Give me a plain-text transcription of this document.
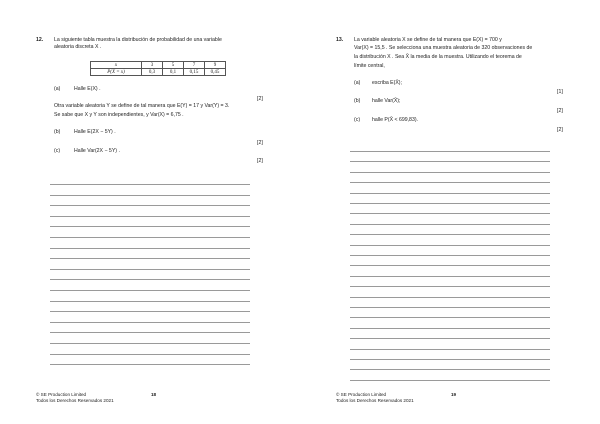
12. La siguiente tabla muestra la distribución de probabilidad de una variable
aleatoria discreta X .
x	3	5	7	9
P(X = x)	0,3	0,1	0,15	0,45
(a)	Halle E(X) .
[2]
Otra variable aleatoria Y se define de tal manera que E(Y) = 17 y Var(Y) = 3.
Se sabe que X y Y son independientes, y Var(X) = 6,75 .
(b)	Halle E(2X − 5Y) .
[2]
(c)	Halle Var(2X − 5Y) .
[2]
© SE Production Limited
Todos los Derechos Reservados 2021
18
13. La variable aleatoria X se define de tal manera que E(X) = 700 y
Var(X) = 15,5 . Se selecciona una muestra aleatoria de 320 observaciones de
la distribución X . Sea X̄ la media de la muestra. Utilizando el teorema de
límite central,
(a) escriba E(X̄);
[1]
(b) halle Var(X̄);
[2]
(c) halle P(X̄ < 699,83).
[2]
© SE Production Limited
Todos los Derechos Reservados 2021
19
